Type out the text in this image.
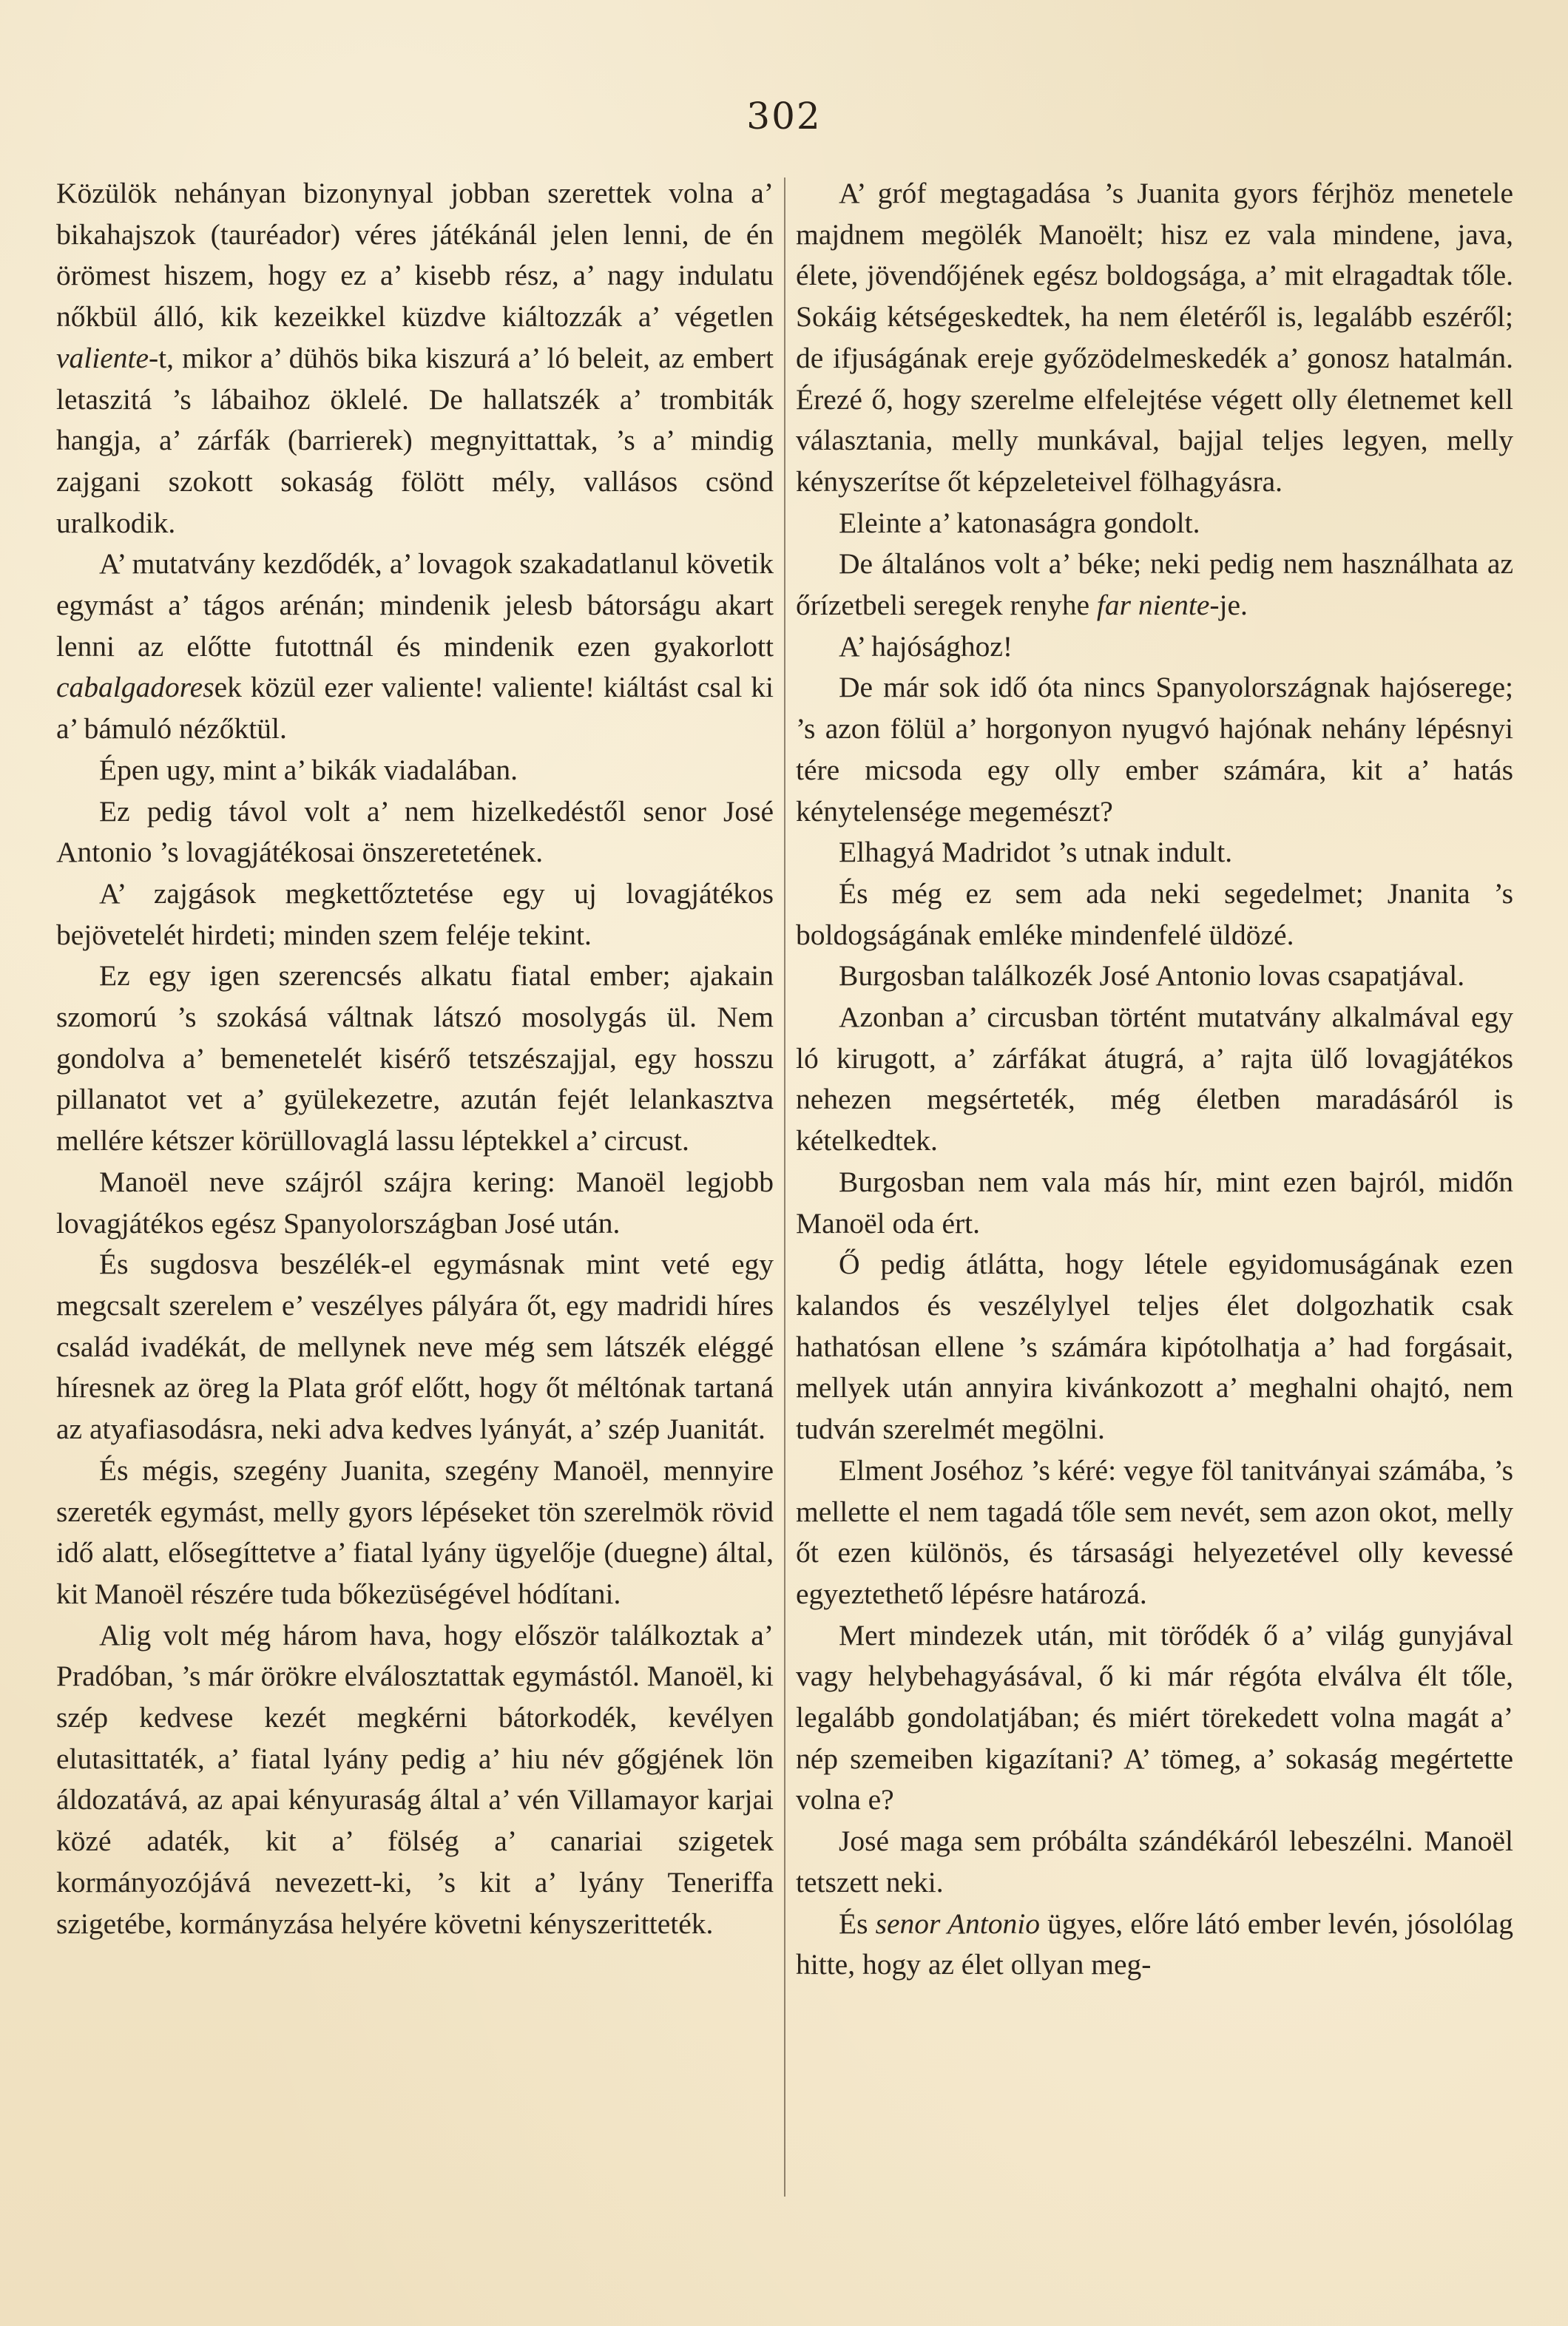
302

Közülök nehányan bizonynyal jobban szerettek volna a’ bikahajszok (tauréador) véres játékánál jelen lenni, de én örömest hiszem, hogy ez a’ kisebb rész, a’ nagy indulatu nőkbül álló, kik kezeikkel küzdve kiáltozzák a’ végetlen valiente-t, mikor a’ dühös bika kiszurá a’ ló beleit, az embert letaszitá ’s lábaihoz öklelé. De hallatszék a’ trombiták hangja, a’ zárfák (barrierek) megnyittattak, ’s a’ mindig zajgani szokott sokaság fölött mély, vallásos csönd uralkodik.

A’ mutatvány kezdődék, a’ lovagok szakadatlanul követik egymást a’ tágos arénán; mindenik jelesb bátorságu akart lenni az előtte futottnál és mindenik ezen gyakorlott cabalgadoresek közül ezer valiente! valiente! kiáltást csal ki a’ bámuló nézőktül.

Épen ugy, mint a’ bikák viadalában.

Ez pedig távol volt a’ nem hizelkedéstől senor José Antonio ’s lovagjátékosai önszeretetének.

A’ zajgások megkettőztetése egy uj lovagjátékos bejövetelét hirdeti; minden szem feléje tekint.

Ez egy igen szerencsés alkatu fiatal ember; ajakain szomorú ’s szokásá váltnak látszó mosolygás ül. Nem gondolva a’ bemenetelét kisérő tetszészajjal, egy hosszu pillanatot vet a’ gyülekezetre, azután fejét lelankasztva mellére kétszer körüllovaglá lassu léptekkel a’ circust.

Manoël neve szájról szájra kering: Manoël legjobb lovagjátékos egész Spanyolországban José után.

És sugdosva beszélék-el egymásnak mint veté egy megcsalt szerelem e’ veszélyes pályára őt, egy madridi híres család ivadékát, de mellynek neve még sem látszék eléggé híresnek az öreg la Plata gróf előtt, hogy őt méltónak tartaná az atyafiasodásra, neki adva kedves lyányát, a’ szép Juanitát.

És mégis, szegény Juanita, szegény Manoël, mennyire szereték egymást, melly gyors lépéseket tön szerelmök rövid idő alatt, elősegíttetve a’ fiatal lyány ügyelője (duegne) által, kit Manoël részére tuda bőkezüségével hódítani.

Alig volt még három hava, hogy először találkoztak a’ Pradóban, ’s már örökre elválosztattak egymástól. Manoël, ki szép kedvese kezét megkérni bátorkodék, kevélyen elutasittaték, a’ fiatal lyány pedig a’ hiu név gőgjének lön áldozatává, az apai kényuraság által a’ vén Villamayor karjai közé adaték, kit a’ fölség a’ canariai szigetek kormányozójává nevezett-ki, ’s kit a’ lyány Teneriffa szigetébe, kormányzása helyére követni kényszeritteték.

A’ gróf megtagadása ’s Juanita gyors férjhöz menetele majdnem megölék Manoëlt; hisz ez vala mindene, java, élete, jövendőjének egész boldogsága, a’ mit elragadtak tőle. Sokáig kétségeskedtek, ha nem életéről is, legalább eszéről; de ifjuságának ereje győzödelmeskedék a’ gonosz hatalmán. Érezé ő, hogy szerelme elfelejtése végett olly életnemet kell választania, melly munkával, bajjal teljes legyen, melly kényszerítse őt képzeleteivel fölhagyásra.

Eleinte a’ katonaságra gondolt.

De általános volt a’ béke; neki pedig nem használhata az őrízetbeli seregek renyhe far niente-je.

A’ hajósághoz!

De már sok idő óta nincs Spanyolországnak hajóserege; ’s azon fölül a’ horgonyon nyugvó hajónak nehány lépésnyi tére micsoda egy olly ember számára, kit a’ hatás kénytelensége megemészt?

Elhagyá Madridot ’s utnak indult.

És még ez sem ada neki segedelmet; Jnanita ’s boldogságának emléke mindenfelé üldözé.

Burgosban találkozék José Antonio lovas csapatjával.

Azonban a’ circusban történt mutatvány alkalmával egy ló kirugott, a’ zárfákat átugrá, a’ rajta ülő lovagjátékos nehezen megsérteték, még életben maradásáról is kételkedtek.

Burgosban nem vala más hír, mint ezen bajról, midőn Manoël oda ért.

Ő pedig átlátta, hogy létele egyidomuságának ezen kalandos és veszélylyel teljes élet dolgozhatik csak hathatósan ellene ’s számára kipótolhatja a’ had forgásait, mellyek után annyira kivánkozott a’ meghalni ohajtó, nem tudván szerelmét megölni.

Elment Joséhoz ’s kéré: vegye föl tanitványai számába, ’s mellette el nem tagadá tőle sem nevét, sem azon okot, melly őt ezen különös, és társasági helyezetével olly kevessé egyeztethető lépésre határozá.

Mert mindezek után, mit törődék ő a’ világ gunyjával vagy helybehagyásával, ő ki már régóta elválva élt tőle, legalább gondolatjában; és miért törekedett volna magát a’ nép szemeiben kigazítani? A’ tömeg, a’ sokaság megértette volna e?

José maga sem próbálta szándékáról lebeszélni. Manoël tetszett neki.

És senor Antonio ügyes, előre látó ember levén, jósolólag hitte, hogy az élet ollyan meg-
